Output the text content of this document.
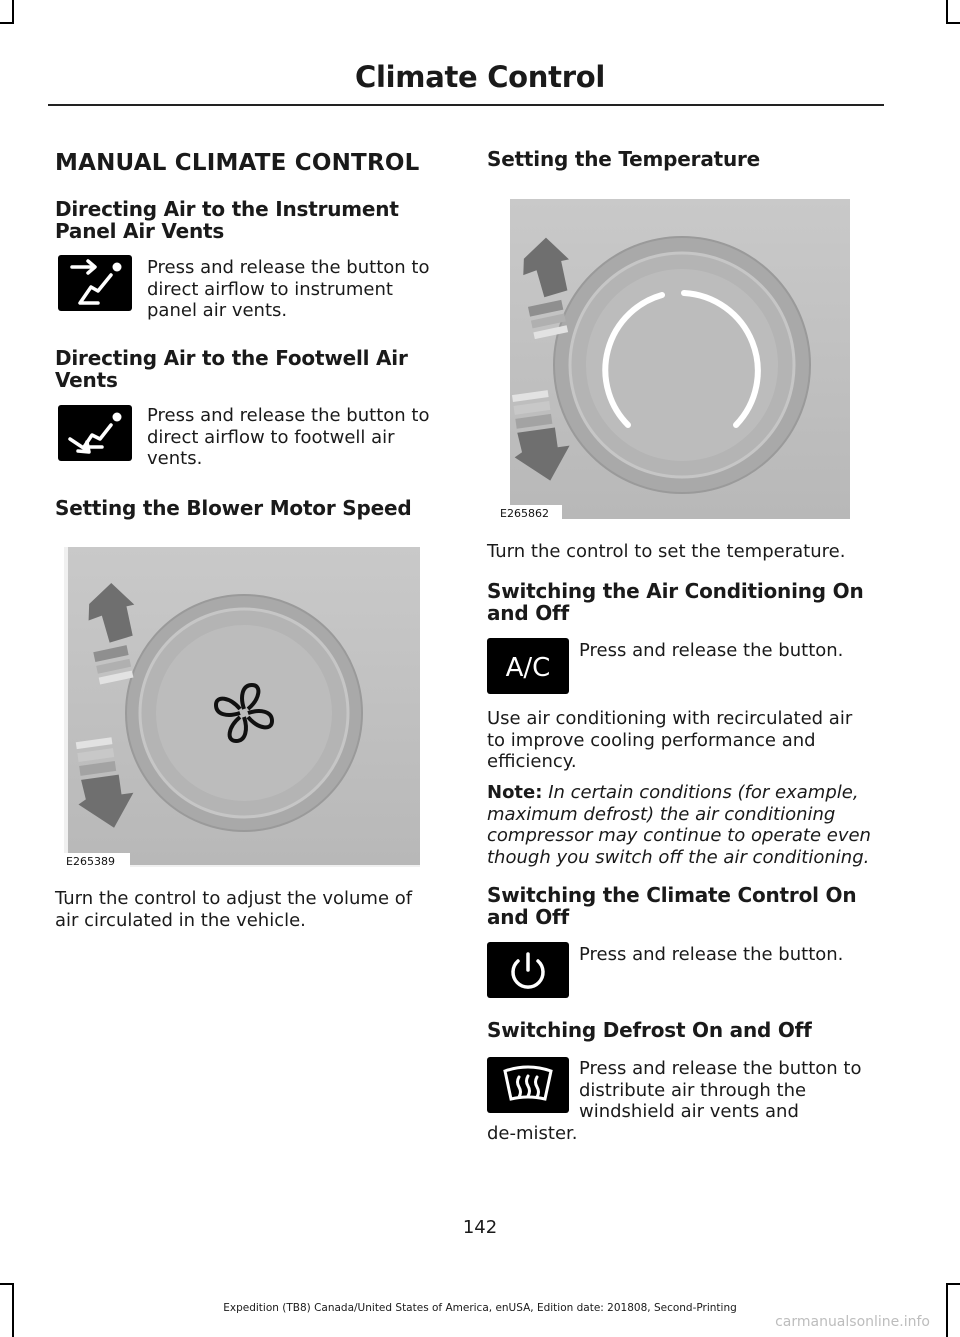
Climate Control
MANUAL CLIMATE CONTROL
Directing Air to the Instrument
Panel Air Vents
Press and release the button to
direct airflow to instrument
panel air vents.
Directing Air to the Footwell Air
Vents
Press and release the button to
direct airflow to footwell air
vents.
Setting the Blower Motor Speed
E265389
Turn the control to adjust the volume of
air circulated in the vehicle.
Setting the Temperature
E265862
Turn the control to set the temperature.
Switching the Air Conditioning On
and Off
A/C
Press and release the button.
Use air conditioning with recirculated air
to improve cooling performance and
efficiency.
Note: In certain conditions (for example,
maximum defrost) the air conditioning
compressor may continue to operate even
though you switch off the air conditioning.
Switching the Climate Control On
and Off
Press and release the button.
Switching Defrost On and Off
Press and release the button to
distribute air through the
windshield air vents and
de-mister.
142
Expedition (TB8) Canada/United States of America, enUSA, Edition date: 201808, Second-Printing
carmanualsonline.info
